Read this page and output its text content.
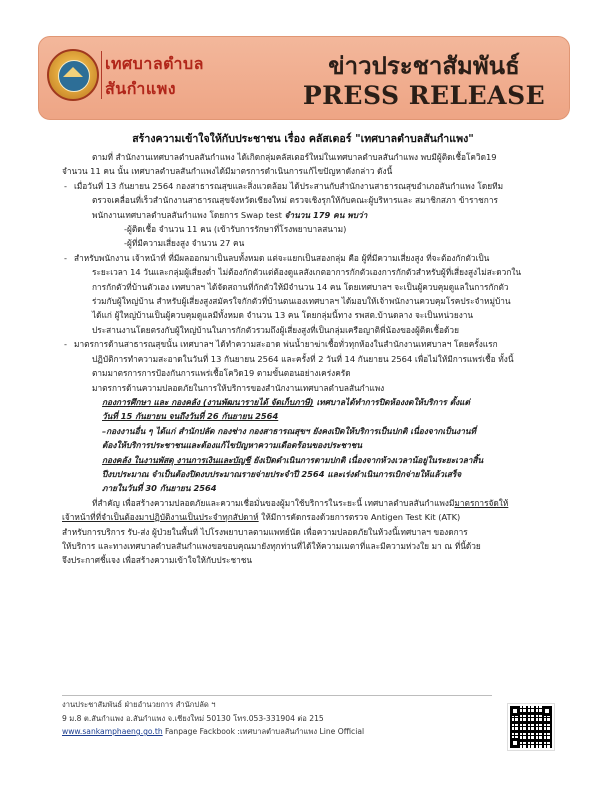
เทศบาลตำบล
สันกำแพง
ข่าวประชาสัมพันธ์
PRESS RELEASE
สร้างความเข้าใจให้กับประชาชน เรื่อง คลัสเตอร์ "เทศบาลตำบลสันกำแพง"

ตามที่ สำนักงานเทศบาลตำบลสันกำแพง ได้เกิดกลุ่มคลัสเตอร์ใหม่ในเทศบาลตำบลสันกำแพง พบมีผู้ติดเชื้อโควิด19

จำนวน 11 คน นั้น เทศบาลตำบลสันกำแพงได้มีมาตรการดำเนินการแก้ไขปัญหาดังกล่าว ดังนี้

- เมื่อวันที่ 13 กันยายน 2564 กองสาธารณสุขและสิ่งแวดล้อม ได้ประสานกับสำนักงานสาธารณสุขอำเภอสันกำแพง โดยทีม

ตรวจเคลื่อนที่เร็วสำนักงานสาธารณสุขจังหวัดเชียงใหม่ ตรวจเชิงรุกให้กับคณะผู้บริหารและ สมาชิกสภา ข้าราชการ

พนักงานเทศบาลตำบลสันกำแพง โดยการ Swap test จำนวน 179 คน พบว่า

-ผู้ติดเชื้อ จำนวน 11 คน (เข้ารับการรักษาที่โรงพยาบาลสนาม)

-ผู้ที่มีความเสี่ยงสูง จำนวน 27 คน

- สำหรับพนักงาน เจ้าหน้าที่ ที่มีผลออกมาเป็นลบทั้งหมด แต่จะแยกเป็นสองกลุ่ม คือ ผู้ที่มีความเสี่ยงสูง ที่จะต้องกักตัวเป็น

ระยะเวลา 14 วันและกลุ่มผู้เสี่ยงต่ำ ไม่ต้องกักตัวแต่ต้องดูแลสังเกตอาการกักตัวเองการกักตัวสำหรับผู้ที่เสี่ยงสูงไม่สะดวกใน

การกักตัวที่บ้านตัวเอง เทศบาลฯ ได้จัดสถานที่กักตัวให้มีจำนวน 14 คน โดยเทศบาลฯ จะเป็นผู้ควบคุมดูแลในการกักตัว

ร่วมกับผู้ใหญ่บ้าน สำหรับผู้เสี่ยงสูงสมัครใจกักตัวที่บ้านตนเองเทศบาลฯ ได้มอบให้เจ้าพนักงานควบคุมโรคประจำหมู่บ้าน

ได้แก่ ผู้ใหญ่บ้านเป็นผู้ควบคุมดูแลมีทั้งหมด จำนวน 13 คน โดยกลุ่มนี้ทาง รพสต.บ้านดลาง จะเป็นหน่วยงาน

ประสานงานโดยตรงกับผู้ใหญ่บ้านในการกักตัวรวมถึงผู้เสี่ยงสูงที่เป็นกลุ่มเครือญาติพี่น้องของผู้ติดเชื้อด้วย

- มาตรการด้านสาธารณสุขนั้น เทศบาลฯ ได้ทำความสะอาด พ่นน้ำยาฆ่าเชื้อทั่วทุกห้องในสำนักงานเทศบาลฯ โดยครั้งแรก

ปฏิบัติการทำความสะอาดในวันที่ 13 กันยายน 2564 และครั้งที่ 2 วันที่ 14 กันยายน 2564 เพื่อไม่ให้มีการแพร่เชื้อ ทั้งนี้

ตามมาตรการการป้องกันการแพร่เชื้อโควิด19 ตามขั้นตอนอย่างเคร่งครัด

มาตรการด้านความปลอดภัยในการให้บริการของสำนักงานเทศบาลตำบลสันกำแพง

กองการศึกษา และ กองคลัง (งานพัฒนารายได้ จัดเก็บภาษี) เทศบาลได้ทำการปิดห้องงดให้บริการ ตั้งแต่

วันที่ 15 กันยายน จนถึงวันที่ 26 กันยายน 2564

–กองงานอื่น ๆ ได้แก่ สำนักปลัด กองช่าง กองสาธารณสุขฯ ยังคงเปิดให้บริการเป็นปกติ เนื่องจากเป็นงานที่

ต้องให้บริการประชาชนและต้องแก้ไขปัญหาความเดือดร้อนของประชาชน

กองคลัง ในงานพัสดุ งานการเงินและบัญชี ยังเปิดดำเนินการตามปกติ เนื่องจากห้วงเวลาน้อยู่ในระยะเวลาสิ้น

ปีงบประมาณ จำเป็นต้องปิดงบประมาณรายจ่ายประจำปี 2564 และเร่งดำเนินการเบิกจ่ายให้แล้วเสร็จ

ภายในวันที่ 30 กันยายน 2564

ที่สำคัญ เพื่อสร้างความปลอดภัยและความเชื่อมั่นของผู้มาใช้บริการในระยะนี้ เทศบาลตำบลสันกำแพงมีมาตรการจัดให้

เจ้าหน้าที่ที่จำเป็นต้องมาปฏิบัติงานเป็นประจำทุกสัปดาห์ ให้มีการคัดกรองด้วยการตรวจ Antigen Test Kit (ATK)

สำหรับการบริการ รับ-ส่ง ผู้ป่วยในพื้นที่ ไปโรงพยาบาลตามแพทย์นัด เพื่อความปลอดภัยในห้วงนี้เทศบาลฯ ของดการ

ให้บริการ และทางเทศบาลตำบลสันกำแพงขอขอบคุณมายังทุกท่านที่ได้ให้ความเมตาที่และมีความห่วงใย มา ณ ที่นี้ด้วย

จึงประกาศชี้แจง เพื่อสร้างความเข้าใจให้กับประชาชน

งานประชาสัมพันธ์ ฝ่ายอำนวยการ สำนักปลัด ฯ

9 ม.8 ต.สันกำแพง อ.สันกำแพง จ.เชียงใหม่ 50130 โทร.053-331904 ต่อ 215

www.sankamphaeng.go.th Fanpage Fackbook :เทศบาลตำบลสันกำแพง Line Official
